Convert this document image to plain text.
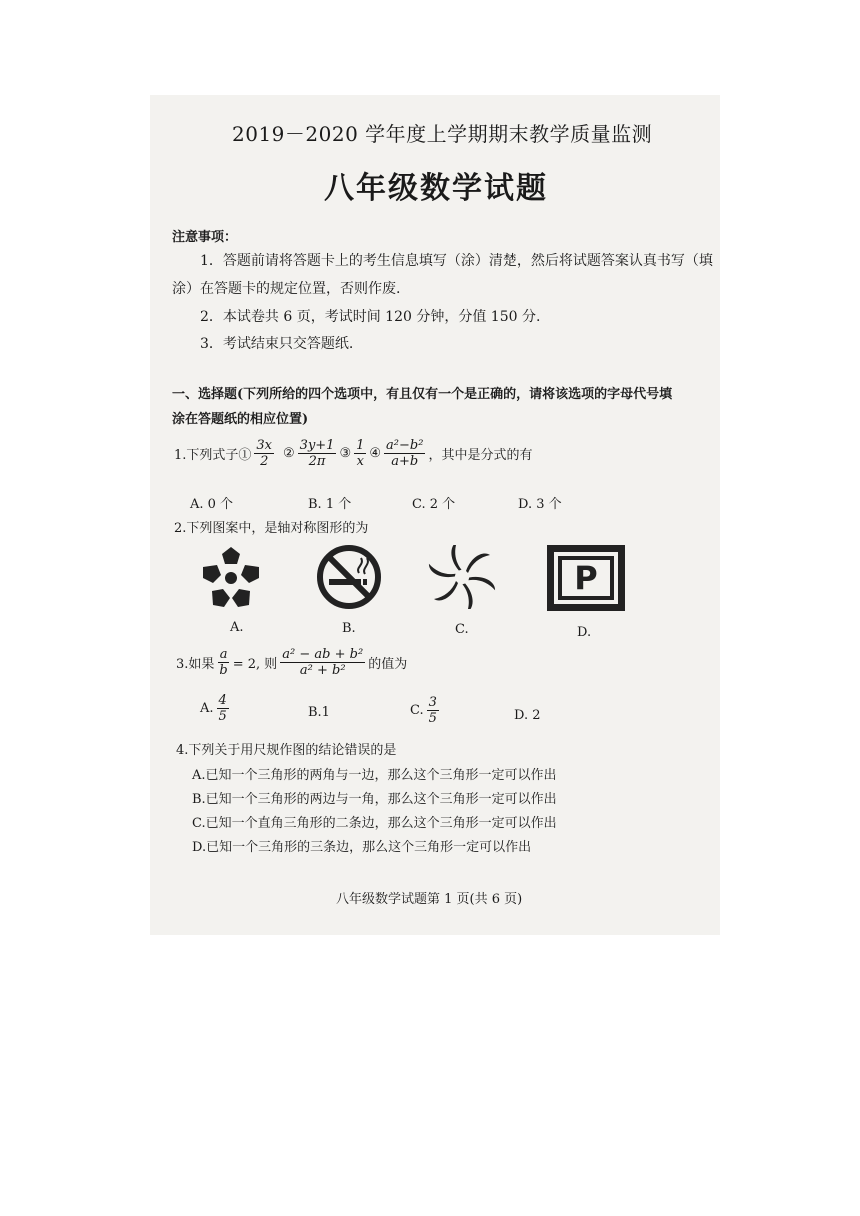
2019－2020 学年度上学期期末教学质量监测
八年级数学试题
注意事项：
1．答题前请将答题卡上的考生信息填写（涂）清楚，然后将试题答案认真书写（填
涂）在答题卡的规定位置，否则作废.
2．本试卷共 6 页，考试时间 120 分钟，分值 150 分.
3．考试结束只交答题纸.
一、选择题(下列所给的四个选项中，有且仅有一个是正确的，请将该选项的字母代号填
涂在答题纸的相应位置)
1.下列式子① $\frac{3x}{2}$ ② $\frac{3y+1}{2\pi}$ ③ $\frac{1}{x}$ ④ $\frac{\text{a²−b²}}{a+b}$ ，其中是分式的有
A. 0 个	B. 1 个	C. 2 个	D. 3 个
2.下列图案中，是轴对称图形的为
P
A.	B.	C.	D.
3.如果 $\frac{a}{b} = 2$, 则 $\frac{\text{a² − ab + b²}}{\text{a² + b²}}$ 的值为
A. $\frac{4}{5}$	B.1	C. $\frac{3}{5}$	D. 2
4.下列关于用尺规作图的结论错误的是
A.已知一个三角形的两角与一边，那么这个三角形一定可以作出
B.已知一个三角形的两边与一角，那么这个三角形一定可以作出
C.已知一个直角三角形的二条边，那么这个三角形一定可以作出
D.已知一个三角形的三条边，那么这个三角形一定可以作出
八年级数学试题第 1 页(共 6 页)
